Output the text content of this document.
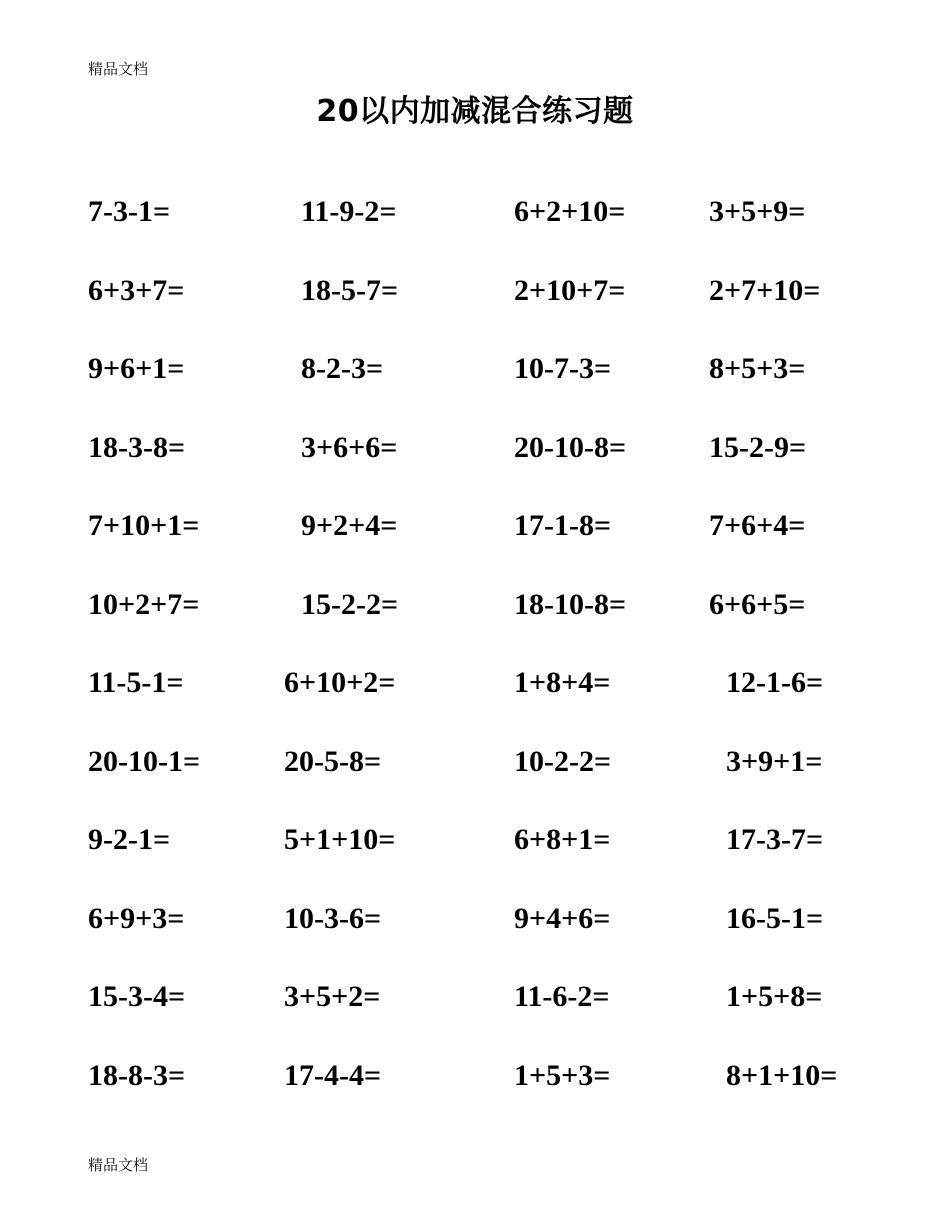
精品文档
20以内加减混合练习题
7-3-1=	11-9-2=	6+2+10=	3+5+9=
6+3+7=	18-5-7=	2+10+7=	2+7+10=
9+6+1=	8-2-3=	10-7-3=	8+5+3=
18-3-8=	3+6+6=	20-10-8=	15-2-9=
7+10+1=	9+2+4=	17-1-8=	7+6+4=
10+2+7=	15-2-2=	18-10-8=	6+6+5=
11-5-1=	6+10+2=	1+8+4=	12-1-6=
20-10-1=	20-5-8=	10-2-2=	3+9+1=
9-2-1=	5+1+10=	6+8+1=	17-3-7=
6+9+3=	10-3-6=	9+4+6=	16-5-1=
15-3-4=	3+5+2=	11-6-2=	1+5+8=
18-8-3=	17-4-4=	1+5+3=	8+1+10=
精品文档
